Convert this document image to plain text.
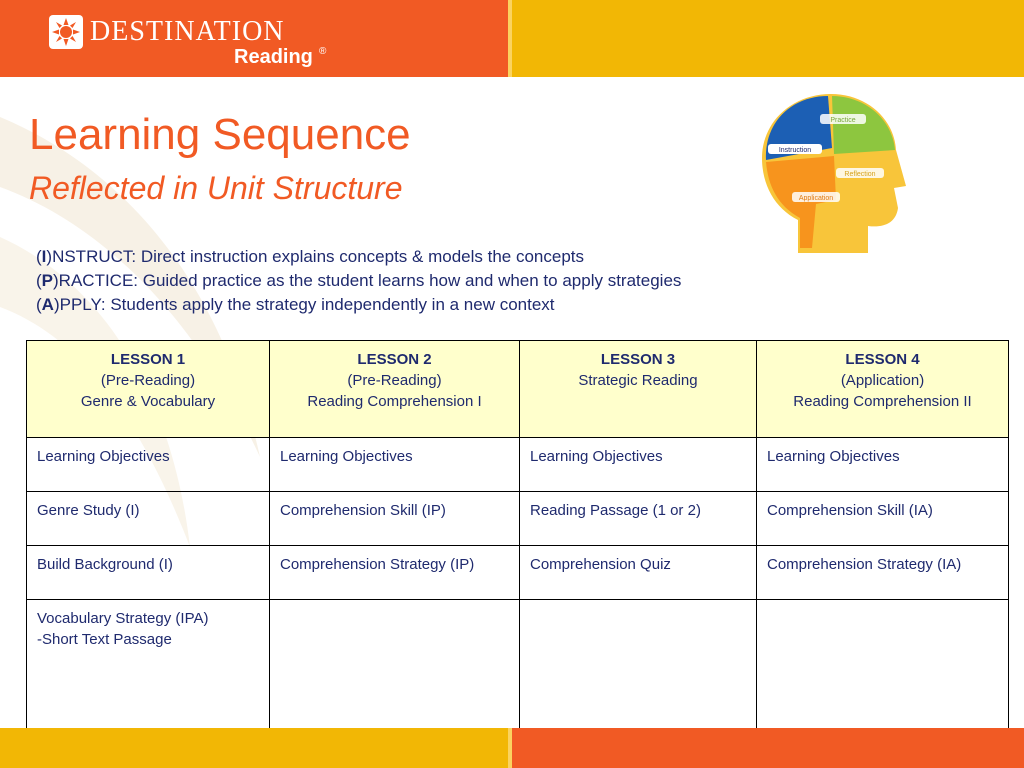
DESTINATION
Reading ®
Learning Sequence
Reflected in Unit Structure
Instruction
Practice
Application
Reflection
(I)NSTRUCT: Direct instruction explains concepts & models the concepts
(P)RACTICE: Guided practice as the student learns how and when to apply strategies
(A)PPLY: Students apply the strategy independently in a new context
LESSON 1
(Pre-Reading)
Genre & Vocabulary	LESSON 2
(Pre-Reading)
Reading Comprehension I	LESSON 3
Strategic Reading	LESSON 4
(Application)
Reading Comprehension II

Learning Objectives	Learning Objectives	Learning Objectives	Learning Objectives
Genre Study (I)	Comprehension Skill (IP)	Reading Passage (1 or 2)	Comprehension Skill (IA)
Build Background (I)	Comprehension Strategy (IP)	Comprehension Quiz	Comprehension Strategy (IA)

Vocabulary Strategy (IPA)
-Short Text Passage			
